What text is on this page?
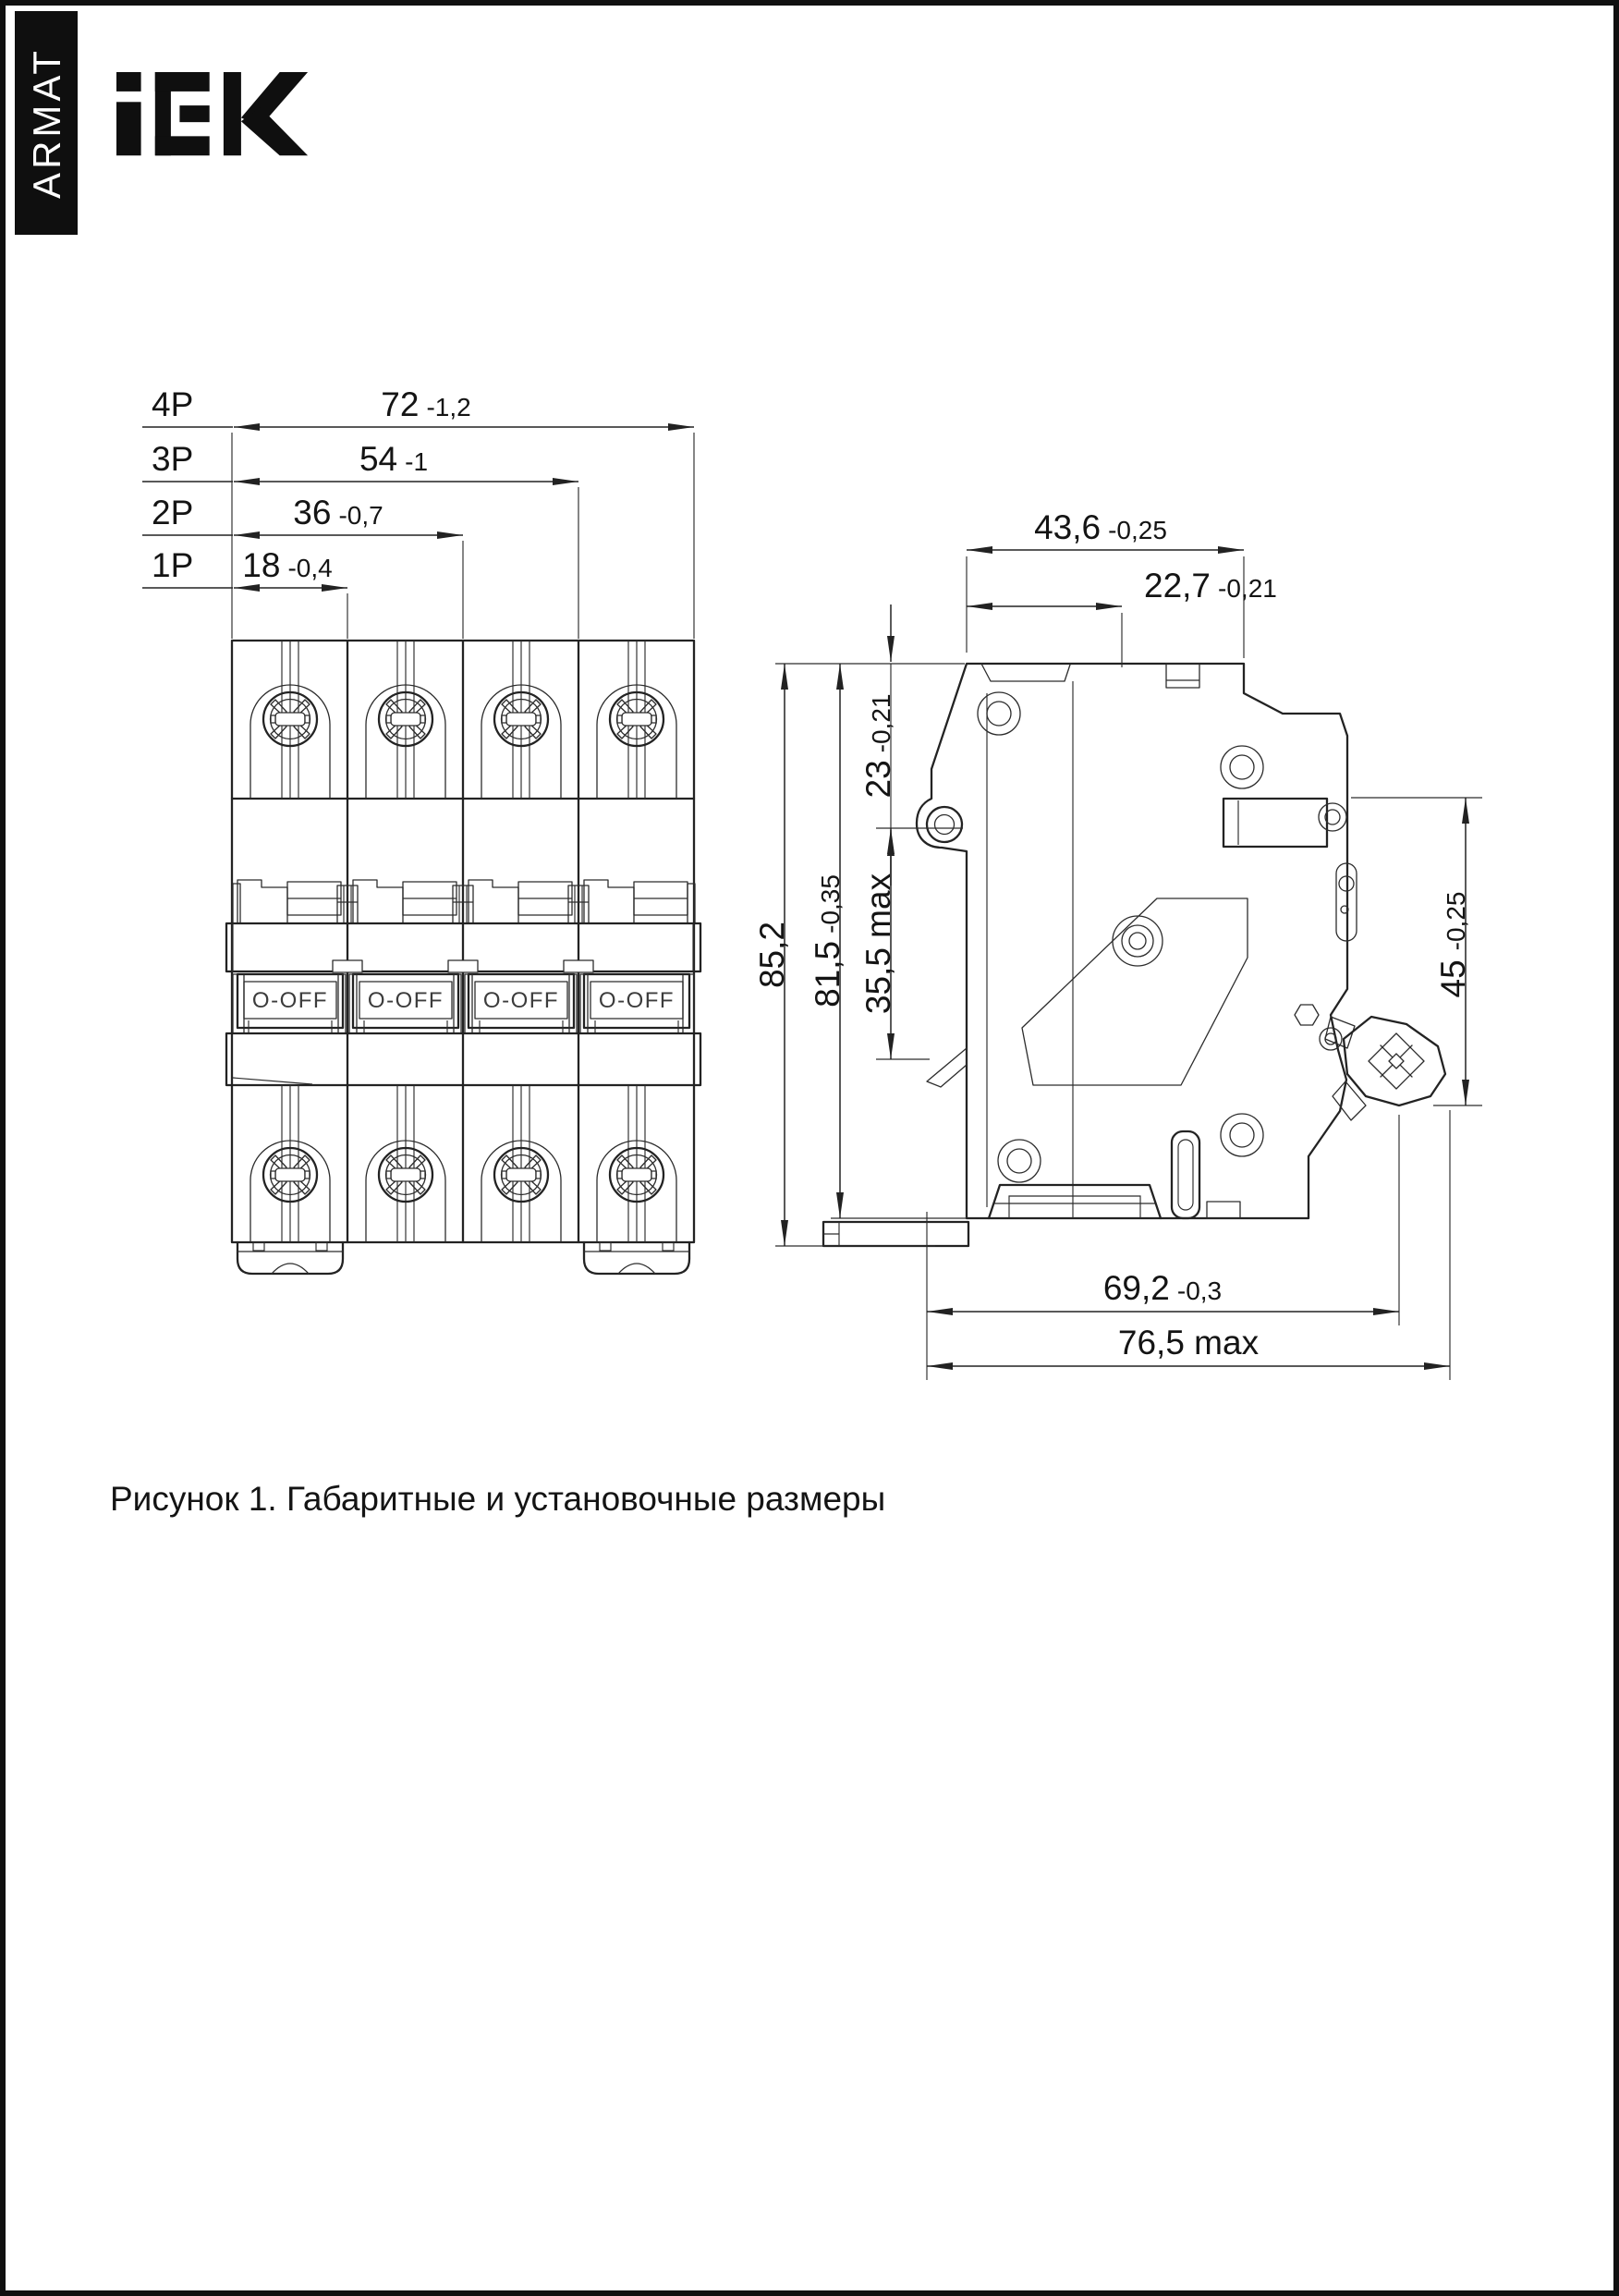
ARMAT
4P	72 -1,2
3P	54 -1
2P	36 -0,7
1P 18 -0,4
O-OFF O-OFF O-OFF O-OFF
43,6 -0,25
22,7 -0,21
85,2 81,5-0,35
23-0,21
35,5 max	45-0,25
69,2 -0,3
76,5 max
Рисунок 1. Габаритные и установочные размеры
